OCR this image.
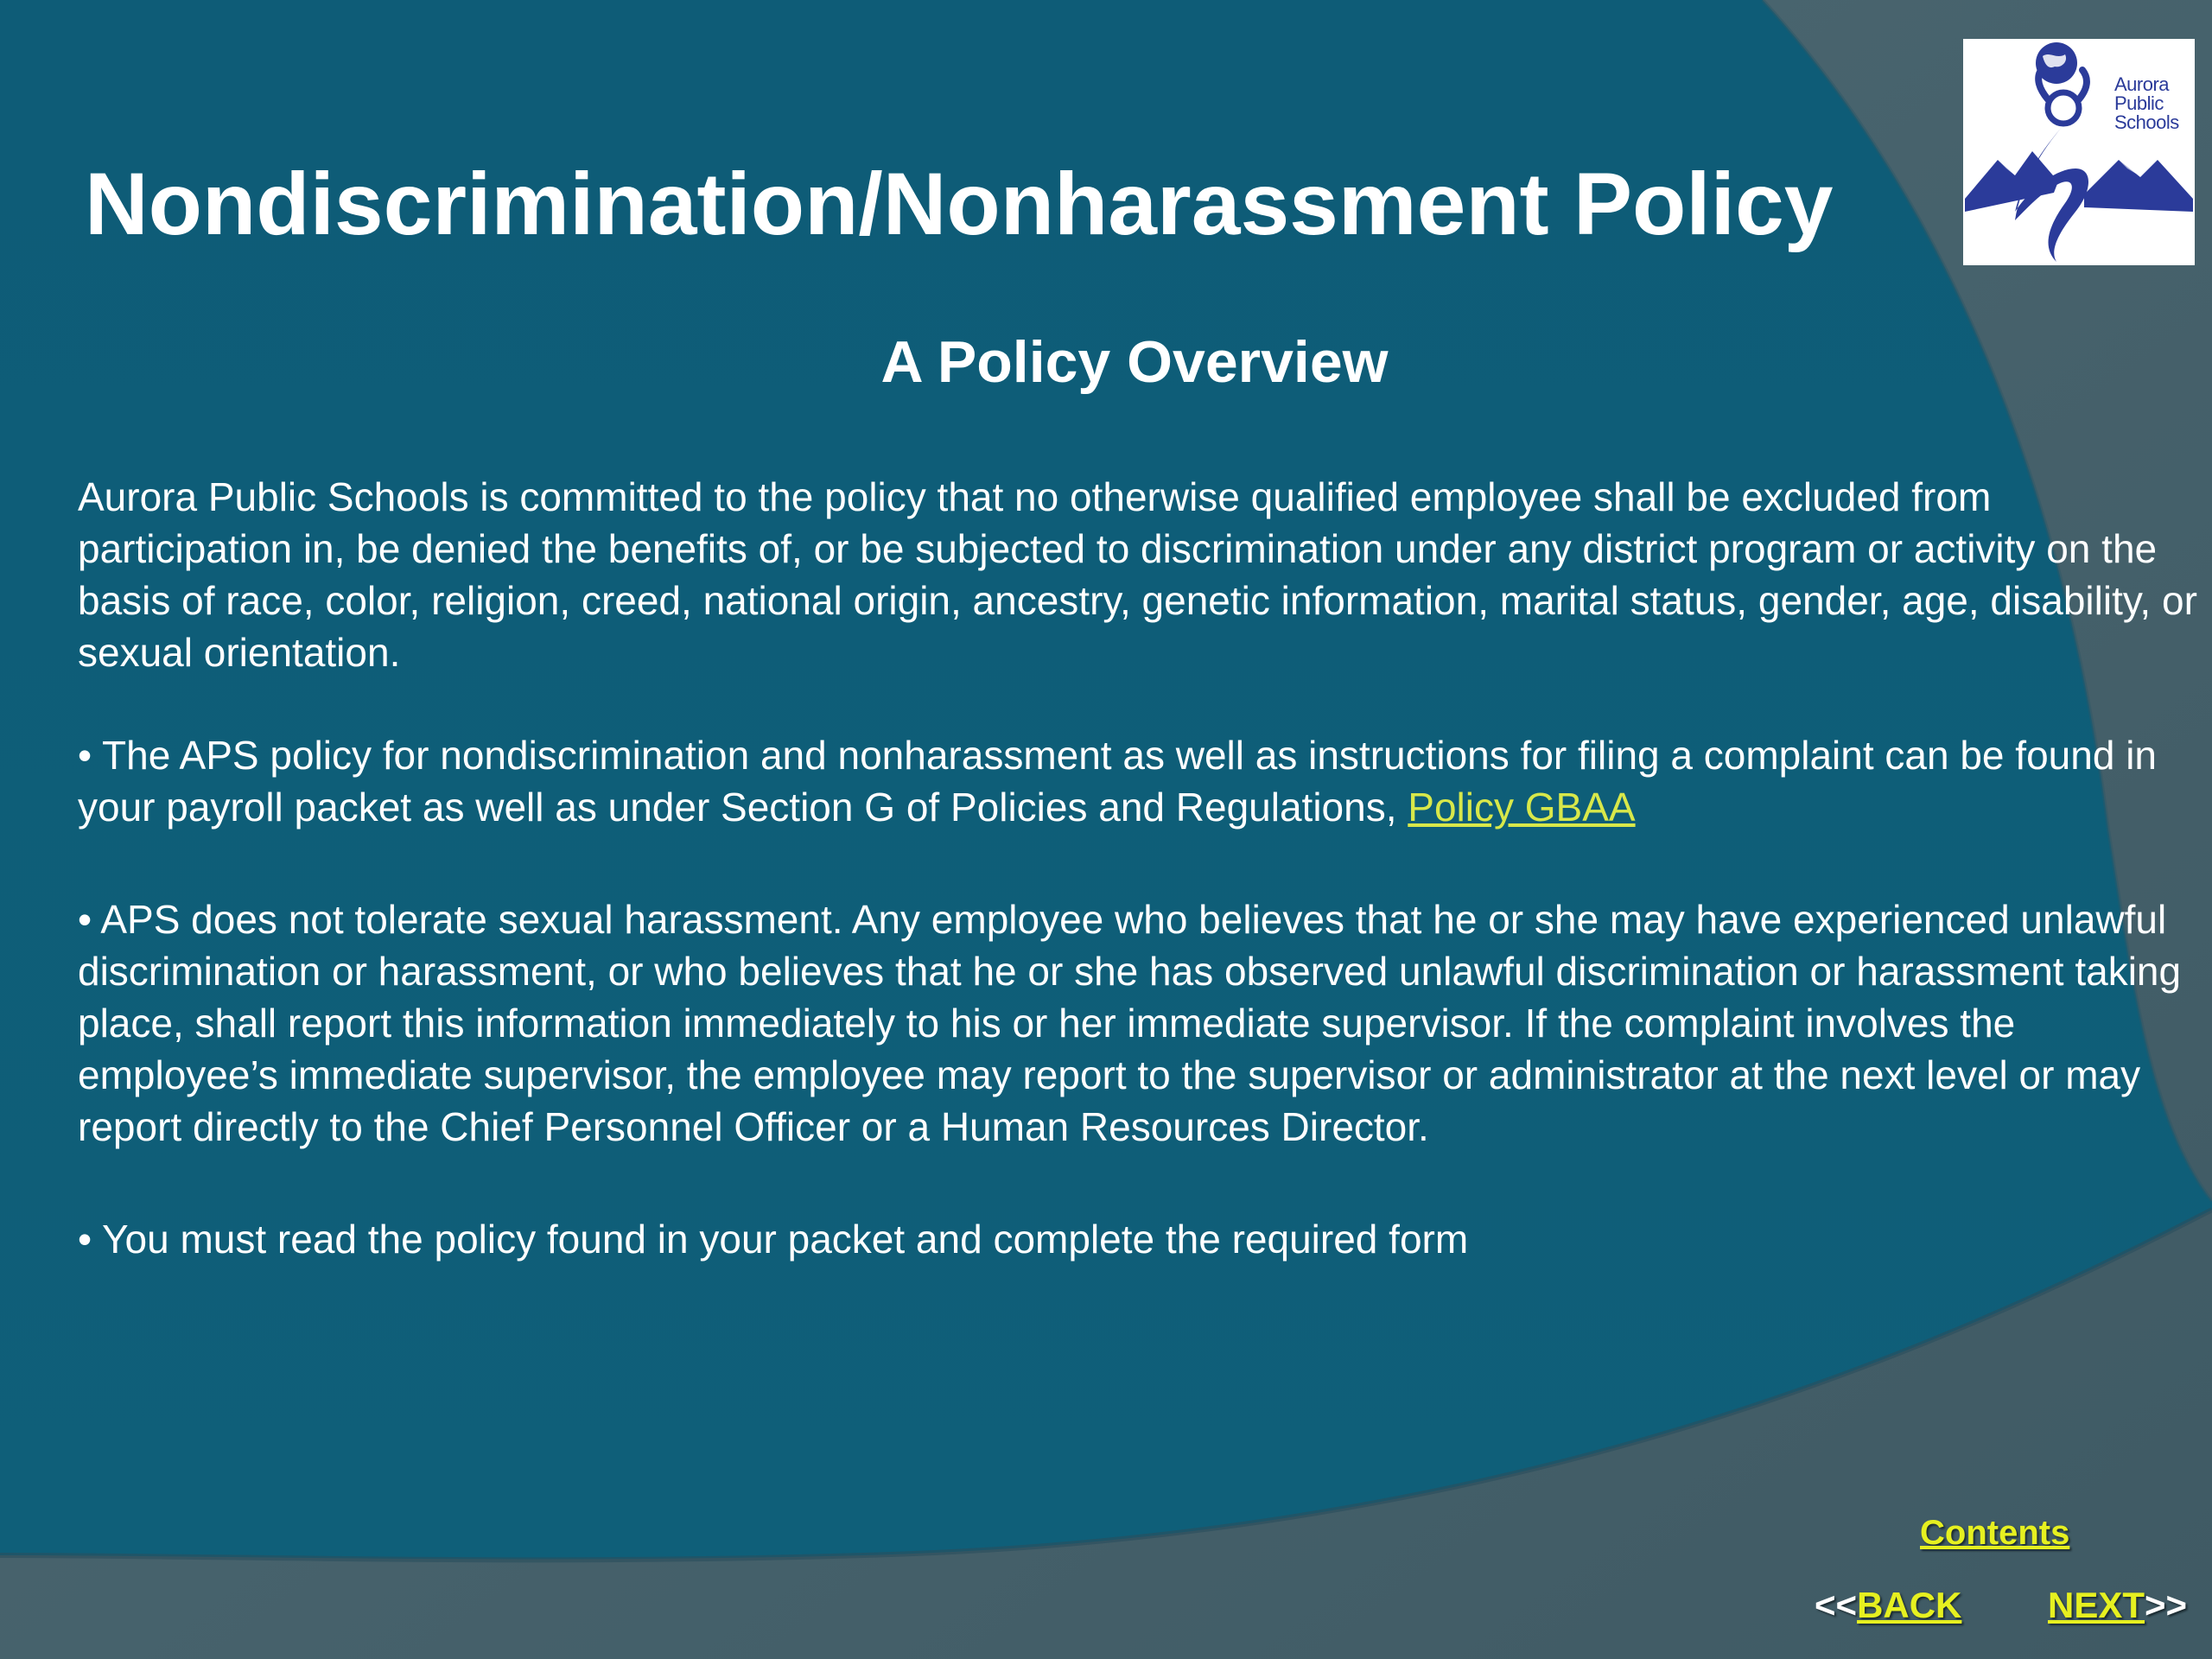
Nondiscrimination/Nonharassment Policy
Aurora
Public
Schools
A Policy Overview

Aurora Public Schools is committed to the policy that no otherwise qualified employee shall be excluded from participation in, be denied the benefits of, or be subjected to discrimination under any district program or activity on the basis of race, color, religion, creed, national origin, ancestry, genetic information, marital status, gender, age, disability, or sexual orientation.

• The APS policy for nondiscrimination and nonharassment as well as instructions for filing a complaint can be found in your payroll packet as well as under Section G of Policies and Regulations, Policy GBAA

• APS does not tolerate sexual harassment. Any employee who believes that he or she may have experienced unlawful discrimination or harassment, or who believes that he or she has observed unlawful discrimination or harassment taking place, shall report this information immediately to his or her immediate supervisor. If the complaint involves the employee’s immediate supervisor, the employee may report to the supervisor or administrator at the next level or may report directly to the Chief Personnel Officer or a Human Resources Director.

• You must read the policy found in your packet and complete the required form

Contents
<<BACK NEXT>>
